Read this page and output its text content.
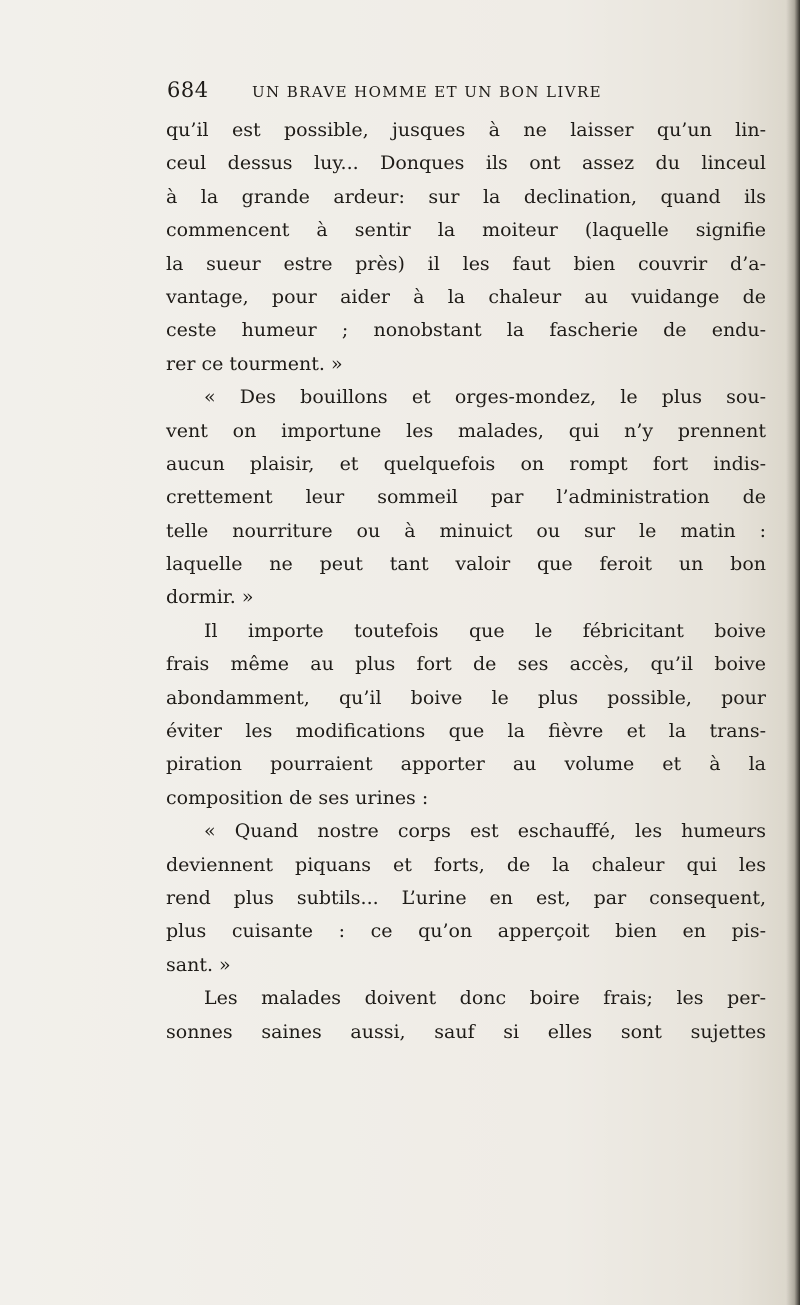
684	UN BRAVE HOMME ET UN BON LIVRE
qu’il est possible, jusques à ne laisser qu’un lin-
ceul dessus luy... Donques ils ont assez du linceul
à la grande ardeur: sur la declination, quand ils
commencent à sentir la moiteur (laquelle signifie
la sueur estre près) il les faut bien couvrir d’a-
vantage, pour aider à la chaleur au vuidange de
ceste humeur ; nonobstant la fascherie de endu-
rer ce tourment. »
« Des bouillons et orges-mondez, le plus sou-
vent on importune les malades, qui n’y prennent
aucun plaisir, et quelquefois on rompt fort indis-
crettement leur sommeil par l’administration de
telle nourriture ou à minuict ou sur le matin :
laquelle ne peut tant valoir que feroit un bon
dormir. »
Il importe toutefois que le fébricitant boive
frais même au plus fort de ses accès, qu’il boive
abondamment, qu’il boive le plus possible, pour
éviter les modifications que la fièvre et la trans-
piration pourraient apporter au volume et à la
composition de ses urines :
« Quand nostre corps est eschauffé, les humeurs
deviennent piquans et forts, de la chaleur qui les
rend plus subtils... L’urine en est, par consequent,
plus cuisante : ce qu’on apperçoit bien en pis-
sant. »
Les malades doivent donc boire frais; les per-
sonnes saines aussi, sauf si elles sont sujettes
